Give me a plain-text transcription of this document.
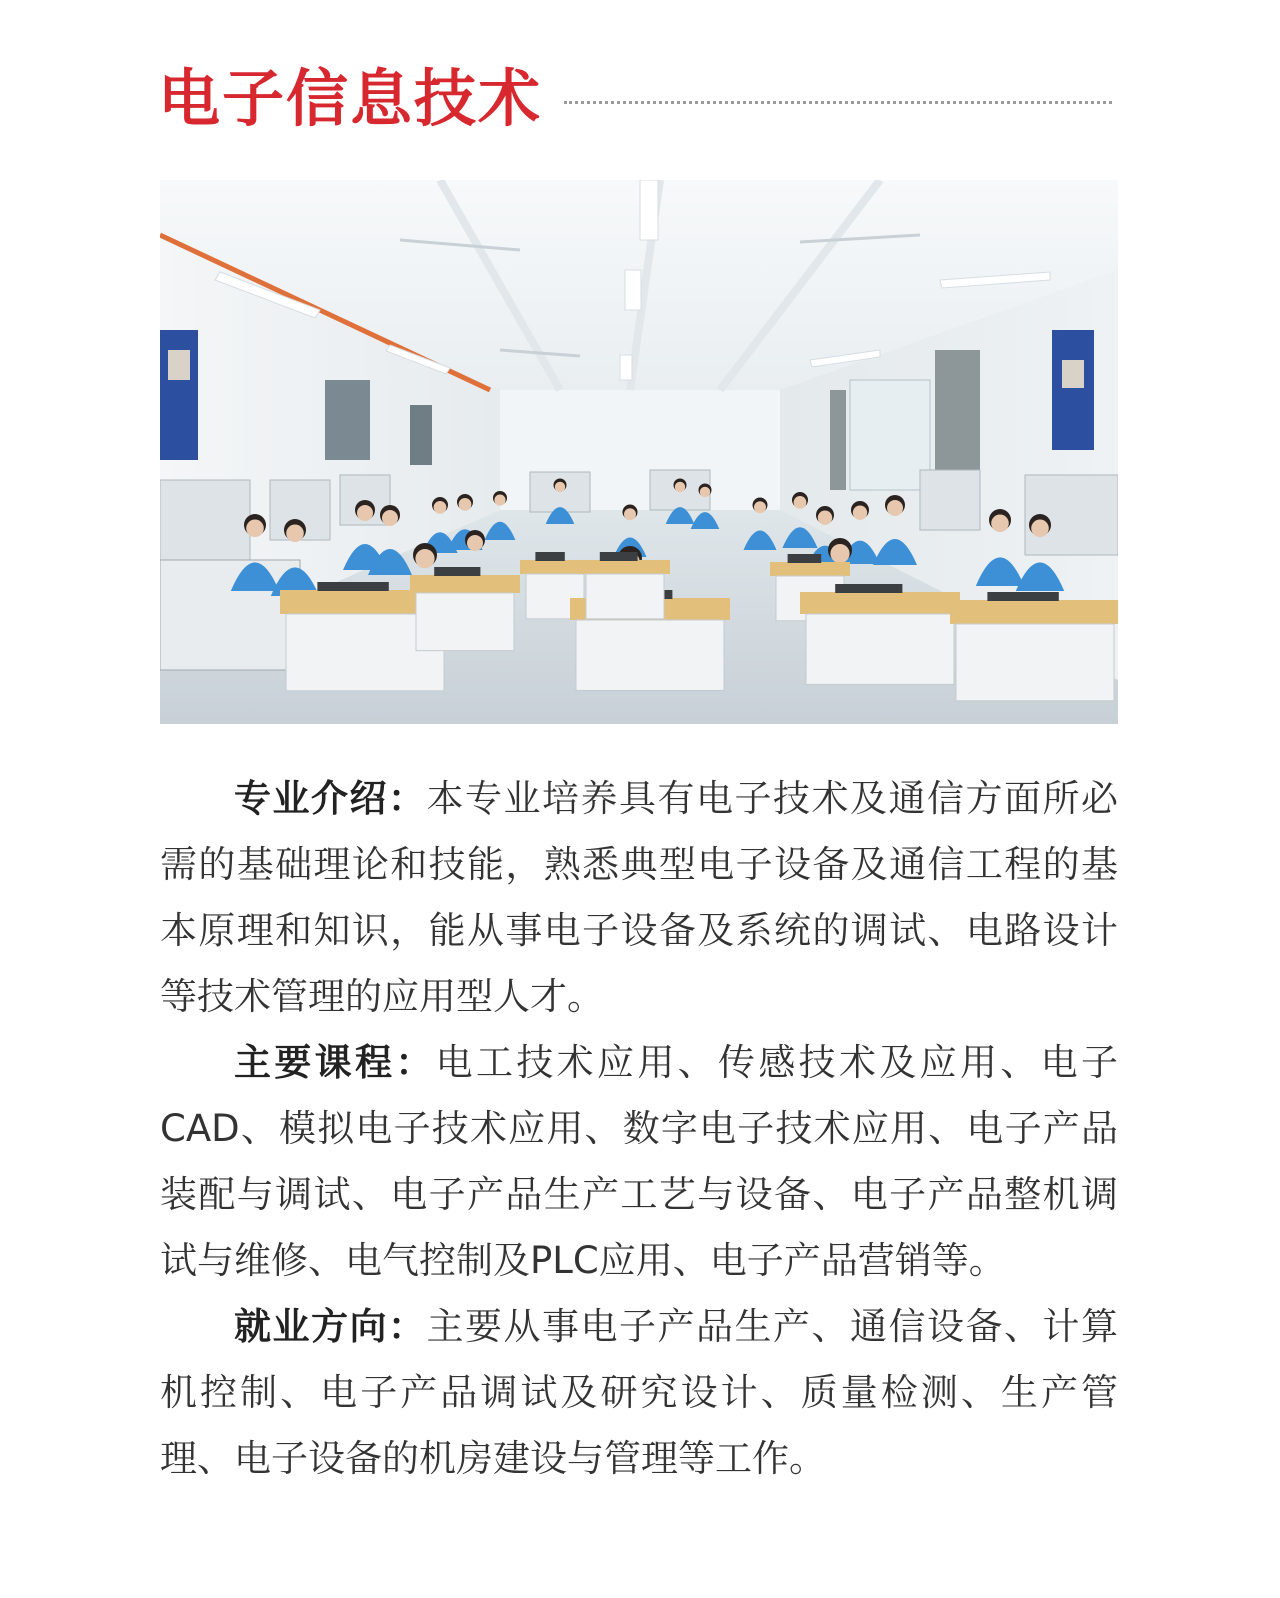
电子信息技术

专业介绍：本专业培养具有电子技术及通信方面所必需的基础理论和技能，熟悉典型电子设备及通信工程的基本原理和知识，能从事电子设备及系统的调试、电路设计等技术管理的应用型人才。

主要课程：电工技术应用、传感技术及应用、电子CAD、模拟电子技术应用、数字电子技术应用、电子产品装配与调试、电子产品生产工艺与设备、电子产品整机调试与维修、电气控制及PLC应用、电子产品营销等。

就业方向：主要从事电子产品生产、通信设备、计算机控制、电子产品调试及研究设计、质量检测、生产管理、电子设备的机房建设与管理等工作。
